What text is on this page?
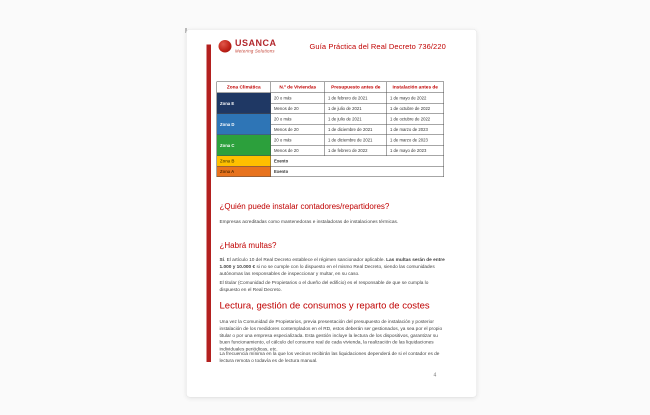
USANCA
Metering Solutions Guía Práctica del Real Decreto 736/220
Zona Climática	N.º de Viviendas	Presupuesto antes de	Instalación antes de
Zona E	20 o más	1 de febrero de 2021	1 de mayo de 2022
	Menos de 20	1 de julio de 2021	1 de octubre de 2022
Zona D	20 o más	1 de julio de 2021	1 de octubre de 2022
	Menos de 20	1 de diciembre de 2021	1 de marzo de 2023
Zona C	20 o más	1 de diciembre de 2021	1 de marzo de 2023
	Menos de 20	1 de febrero de 2022	1 de mayo de 2023
Zona B	Exento		
Zona A	Exento		
¿Quién puede instalar contadores/repartidores?
Empresas acreditadas como mantenedoras e instaladoras de instalaciones térmicas.
¿Habrá multas?
Sí. El artículo 10 del Real Decreto establece el régimen sancionador aplicable. Las multas serán de entre 1.000 y 10.000 € si no se cumple con lo dispuesto en el mismo Real Decreto, siendo las comunidades autónomas las responsables de inspeccionar y multar, en su caso.
El titular (Comunidad de Propietarios o el dueño del edificio) es el responsable de que se cumpla lo dispuesto en el Real Decreto.
Lectura, gestión de consumos y reparto de costes
Una vez la Comunidad de Propietarios, previa presentación del presupuesto de instalación y posterior instalación de los medidores contemplados en el RD, estos deberán ser gestionados, ya sea por el propio titular o por una empresa especializada. Esta gestión incluye la lectura de los dispositivos, garantizar su buen funcionamiento, el cálculo del consumo real de cada vivienda, la realización de las liquidaciones individuales periódicas, etc.
La frecuencia mínima en la que los vecinos recibirán las liquidaciones dependerá de si el contador es de lectura remota o todavía es de lectura manual.
4
